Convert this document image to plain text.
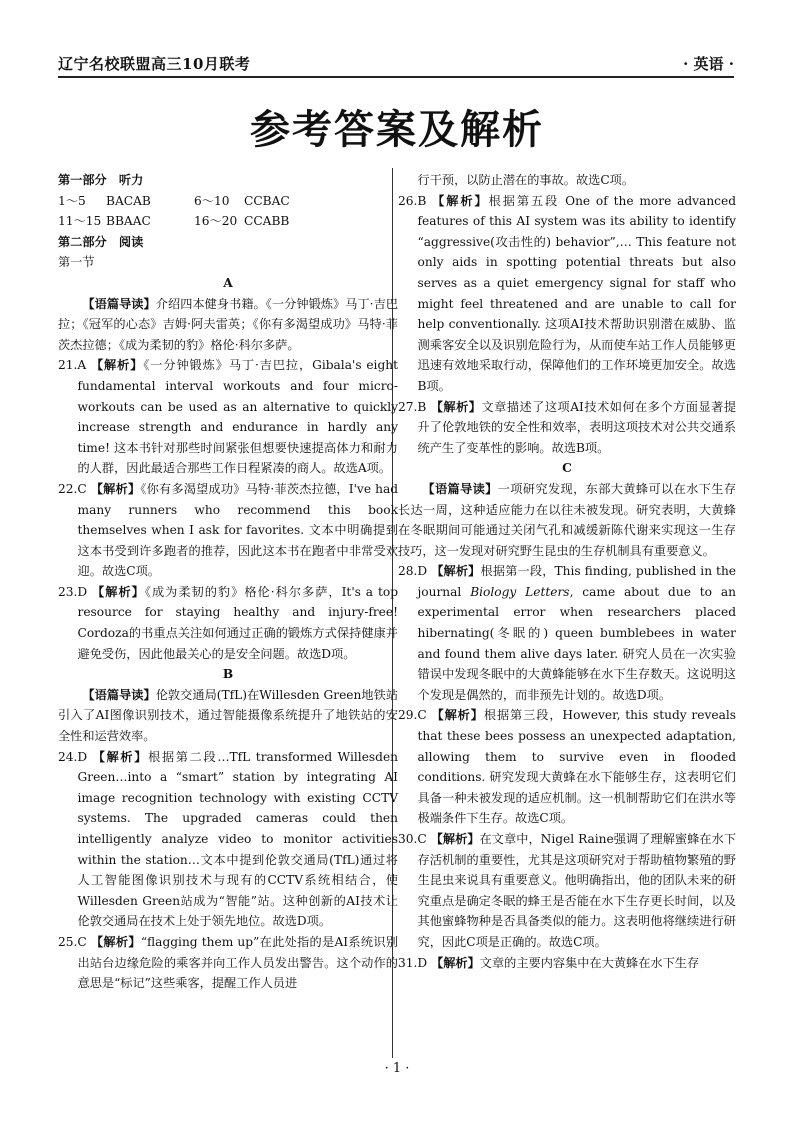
辽宁名校联盟高三10月联考	· 英语 ·
参考答案及解析

第一部分　听力

1～5	BACAB	6～10	CCBAC
11～15 BBAAC	16～20 CCABB

第二部分　阅读

第一节

A

【语篇导读】介绍四本健身书籍。《一分钟锻炼》马丁·吉巴拉；《冠军的心态》吉姆·阿夫雷英；《你有多渴望成功》马特·菲茨杰拉德；《成为柔韧的豹》格伦·科尔多萨。

21.A 【解析】《一分钟锻炼》马丁·吉巴拉，Gibala's eight fundamental interval workouts and four micro-workouts can be used as an alternative to quickly increase strength and endurance in hardly any time! 这本书针对那些时间紧张但想要快速提高体力和耐力的人群，因此最适合那些工作日程紧凑的商人。故选A项。

22.C 【解析】《你有多渴望成功》马特·菲茨杰拉德，I've had many runners who recommend this book themselves when I ask for favorites. 文本中明确提到这本书受到许多跑者的推荐，因此这本书在跑者中非常受欢迎。故选C项。

23.D 【解析】《成为柔韧的豹》格伦·科尔多萨，It's a top resource for staying healthy and injury-free! Cordoza的书重点关注如何通过正确的锻炼方式保持健康并避免受伤，因此他最关心的是安全问题。故选D项。

B

【语篇导读】伦敦交通局(TfL)在Willesden Green地铁站引入了AI图像识别技术，通过智能摄像系统提升了地铁站的安全性和运营效率。

24.D 【解析】根据第二段…TfL transformed Willesden Green…into a “smart” station by integrating AI image recognition technology with existing CCTV systems. The upgraded cameras could then intelligently analyze video to monitor activities within the station…文本中提到伦敦交通局(TfL)通过将人工智能图像识别技术与现有的CCTV系统相结合，使Willesden Green站成为“智能”站。这种创新的AI技术让伦敦交通局在技术上处于领先地位。故选D项。

25.C 【解析】“flagging them up”在此处指的是AI系统识别出站台边缘危险的乘客并向工作人员发出警告。这个动作的意思是“标记”这些乘客，提醒工作人员进

行干预，以防止潜在的事故。故选C项。

26.B 【解析】根据第五段 One of the more advanced features of this AI system was its ability to identify “aggressive(攻击性的) behavior”,… This feature not only aids in spotting potential threats but also serves as a quiet emergency signal for staff who might feel threatened and are unable to call for help conventionally. 这项AI技术帮助识别潜在威胁、监测乘客安全以及识别危险行为，从而使车站工作人员能够更迅速有效地采取行动，保障他们的工作环境更加安全。故选B项。

27.B 【解析】文章描述了这项AI技术如何在多个方面显著提升了伦敦地铁的安全性和效率，表明这项技术对公共交通系统产生了变革性的影响。故选B项。

C

【语篇导读】一项研究发现，东部大黄蜂可以在水下生存长达一周，这种适应能力在以往未被发现。研究表明，大黄蜂在冬眠期间可能通过关闭气孔和减缓新陈代谢来实现这一生存技巧，这一发现对研究野生昆虫的生存机制具有重要意义。

28.D 【解析】根据第一段，This finding, published in the journal Biology Letters, came about due to an experimental error when researchers placed hibernating(冬眠的) queen bumblebees in water and found them alive days later. 研究人员在一次实验错误中发现冬眠中的大黄蜂能够在水下生存数天。这说明这个发现是偶然的，而非预先计划的。故选D项。

29.C 【解析】根据第三段，However, this study reveals that these bees possess an unexpected adaptation, allowing them to survive even in flooded conditions. 研究发现大黄蜂在水下能够生存，这表明它们具备一种未被发现的适应机制。这一机制帮助它们在洪水等极端条件下生存。故选C项。

30.C 【解析】在文章中，Nigel Raine强调了理解蜜蜂在水下存活机制的重要性，尤其是这项研究对于帮助植物繁殖的野生昆虫来说具有重要意义。他明确指出，他的团队未来的研究重点是确定冬眠的蜂王是否能在水下生存更长时间，以及其他蜜蜂物种是否具备类似的能力。这表明他将继续进行研究，因此C项是正确的。故选C项。

31.D 【解析】文章的主要内容集中在大黄蜂在水下生存

· 1 ·
